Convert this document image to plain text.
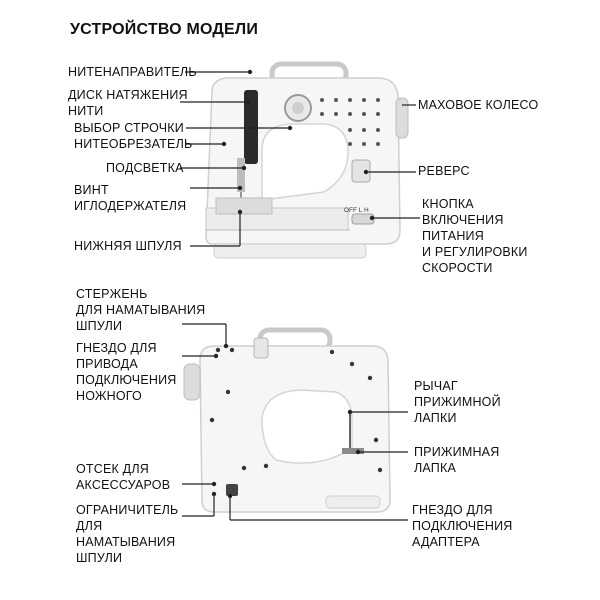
УСТРОЙСТВО МОДЕЛИ
OFF L H
НИТЕНАПРАВИТЕЛЬ
ДИСК НАТЯЖЕНИЯ
НИТИ
ВЫБОР СТРОЧКИ
НИТЕОБРЕЗАТЕЛЬ
ПОДСВЕТКА
ВИНТ
ИГЛОДЕРЖАТЕЛЯ
НИЖНЯЯ ШПУЛЯ
МАХОВОЕ КОЛЕСО
РЕВЕРС
КНОПКА
ВКЛЮЧЕНИЯ
ПИТАНИЯ
И РЕГУЛИРОВКИ
СКОРОСТИ
СТЕРЖЕНЬ
ДЛЯ НАМАТЫВАНИЯ
ШПУЛИ
ГНЕЗДО ДЛЯ
ПРИВОДА
ПОДКЛЮЧЕНИЯ
НОЖНОГО
РЫЧАГ
ПРИЖИМНОЙ
ЛАПКИ
ПРИЖИМНАЯ
ЛАПКА
ОТСЕК ДЛЯ
АКСЕССУАРОВ
ОГРАНИЧИТЕЛЬ
ДЛЯ
НАМАТЫВАНИЯ
ШПУЛИ
ГНЕЗДО ДЛЯ
ПОДКЛЮЧЕНИЯ
АДАПТЕРА
